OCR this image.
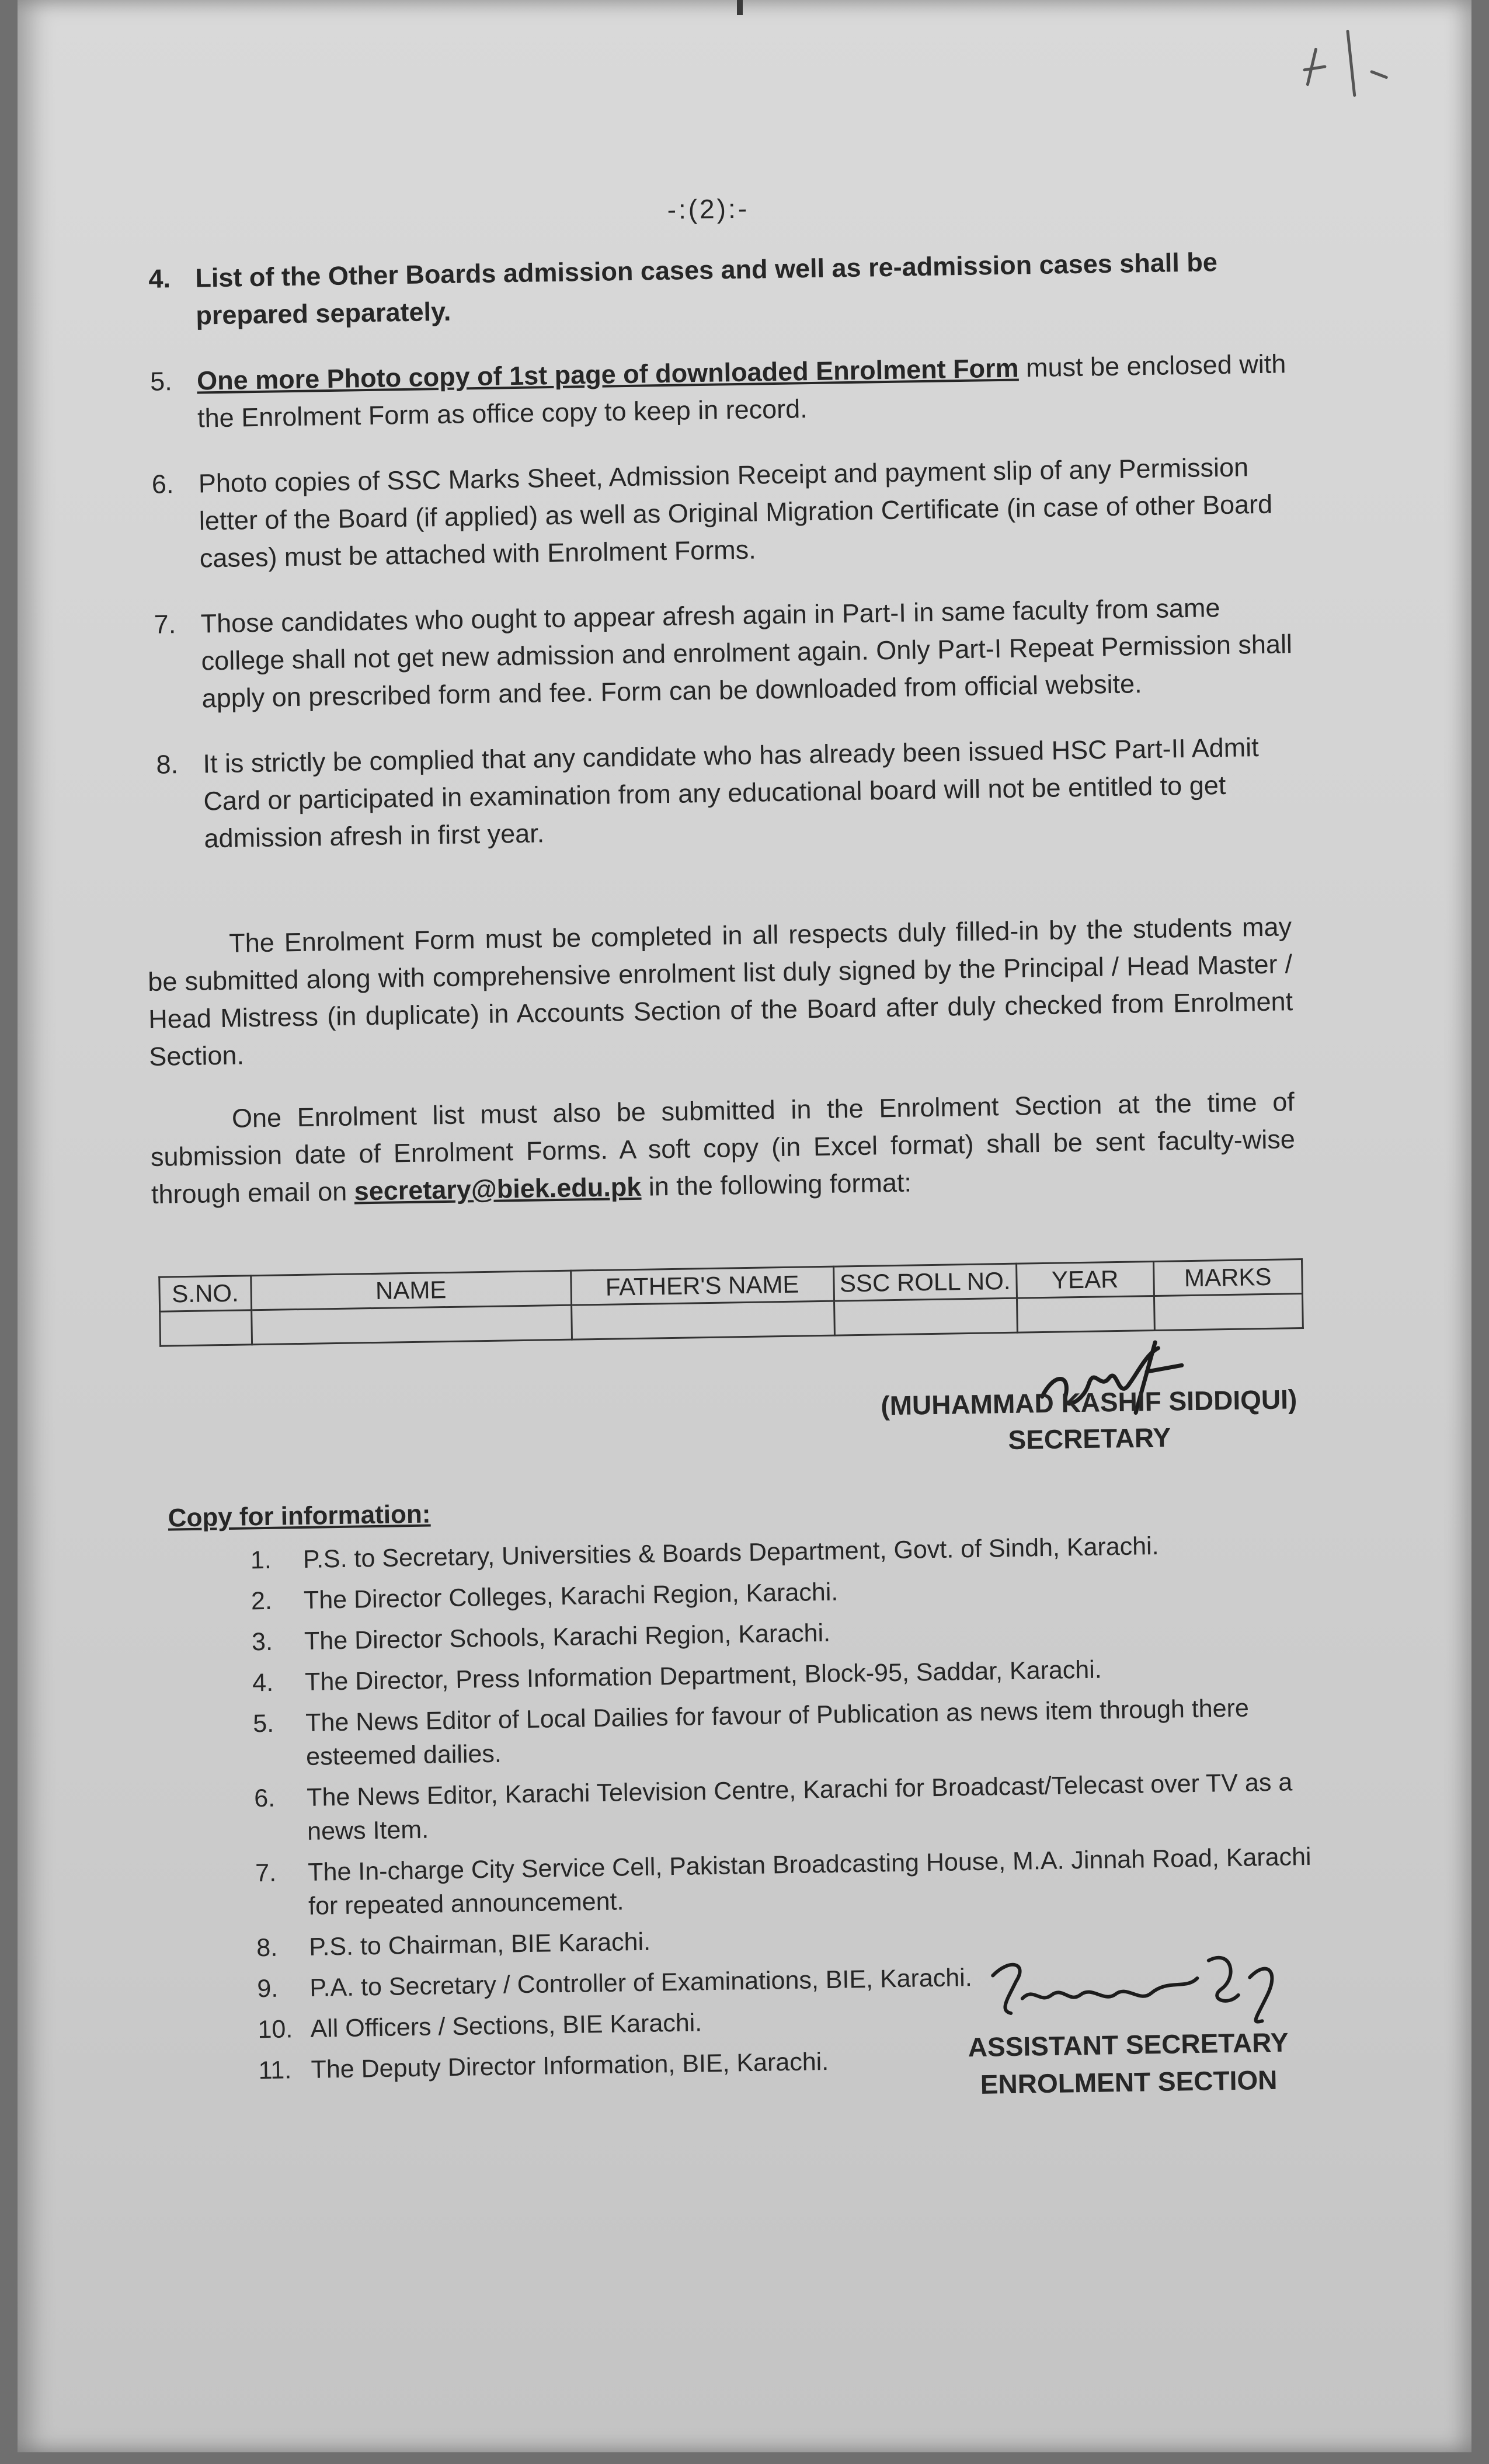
-:(2):-
4. List of the Other Boards admission cases and well as re-admission cases shall be prepared separately.
5. One more Photo copy of 1st page of downloaded Enrolment Form must be enclosed with the Enrolment Form as office copy to keep in record.
6. Photo copies of SSC Marks Sheet, Admission Receipt and payment slip of any Permission letter of the Board (if applied) as well as Original Migration Certificate (in case of other Board cases) must be attached with Enrolment Forms.
7. Those candidates who ought to appear afresh again in Part-I in same faculty from same college shall not get new admission and enrolment again. Only Part-I Repeat Permission shall apply on prescribed form and fee. Form can be downloaded from official website.
8. It is strictly be complied that any candidate who has already been issued HSC Part-II Admit Card or participated in examination from any educational board will not be entitled to get admission afresh in first year.
The Enrolment Form must be completed in all respects duly filled-in by the students may be submitted along with comprehensive enrolment list duly signed by the Principal / Head Master / Head Mistress (in duplicate) in Accounts Section of the Board after duly checked from Enrolment Section.
One Enrolment list must also be submitted in the Enrolment Section at the time of submission date of Enrolment Forms. A soft copy (in Excel format) shall be sent faculty-wise through email on secretary@biek.edu.pk in the following format:
S.NO.	NAME	FATHER'S NAME	SSC ROLL NO.	YEAR	MARKS

(MUHAMMAD KASHIF SIDDIQUI)
SECRETARY
Copy for information:
1. P.S. to Secretary, Universities & Boards Department, Govt. of Sindh, Karachi.
2. The Director Colleges, Karachi Region, Karachi.
3. The Director Schools, Karachi Region, Karachi.
4. The Director, Press Information Department, Block-95, Saddar, Karachi.
5. The News Editor of Local Dailies for favour of Publication as news item through there esteemed dailies.
6. The News Editor, Karachi Television Centre, Karachi for Broadcast/Telecast over TV as a news Item.
7. The In-charge City Service Cell, Pakistan Broadcasting House, M.A. Jinnah Road, Karachi for repeated announcement.
8. P.S. to Chairman, BIE Karachi.
9. P.A. to Secretary / Controller of Examinations, BIE, Karachi.
10. All Officers / Sections, BIE Karachi.
11. The Deputy Director Information, BIE, Karachi.
ASSISTANT SECRETARY
ENROLMENT SECTION
